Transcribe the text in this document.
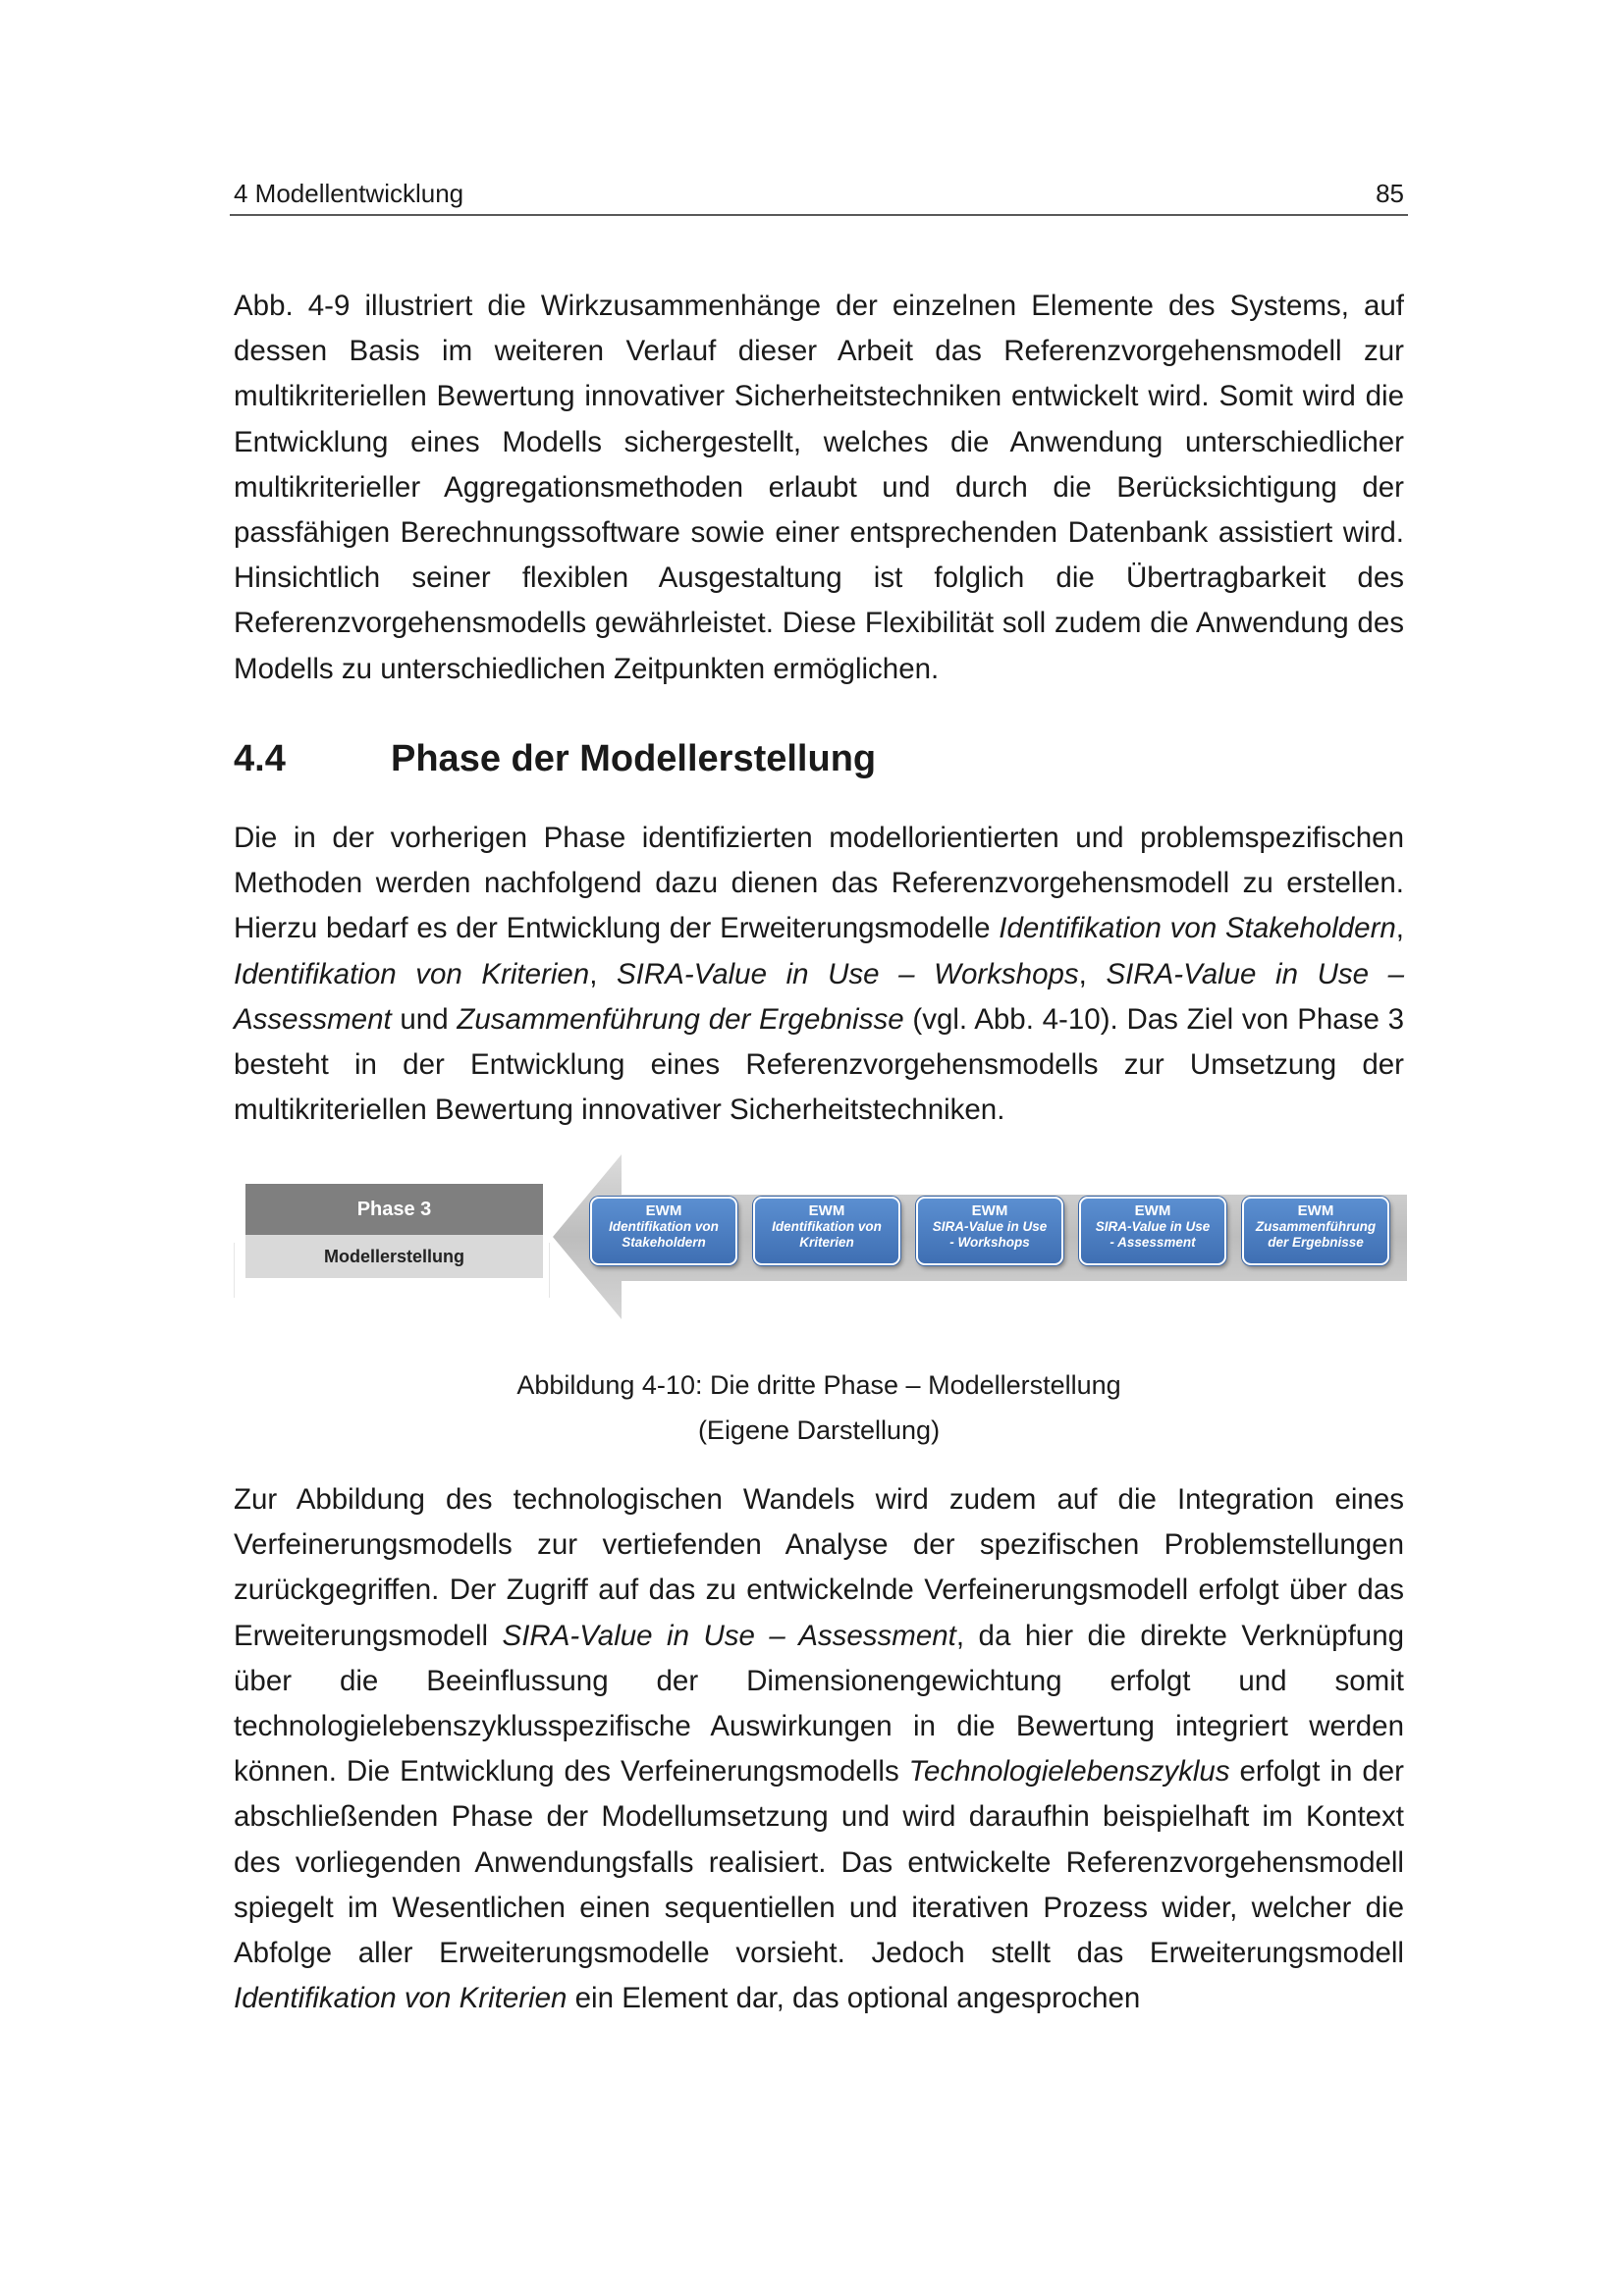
4 Modellentwicklung	85

Abb. 4-9 illustriert die Wirkzusammenhänge der einzelnen Elemente des Systems, auf dessen Basis im weiteren Verlauf dieser Arbeit das Referenzvorgehensmodell zur multikriteriellen Bewertung innovativer Sicherheitstechniken entwickelt wird. Somit wird die Entwicklung eines Modells sichergestellt, welches die Anwendung unterschiedlicher multikriterieller Aggregationsmethoden erlaubt und durch die Berücksichtigung der passfähigen Berechnungssoftware sowie einer entsprechenden Datenbank assistiert wird. Hinsichtlich seiner flexiblen Ausgestaltung ist folglich die Übertragbarkeit des Referenzvorgehensmodells gewährleistet. Diese Flexibilität soll zudem die Anwendung des Modells zu unterschiedlichen Zeitpunkten ermöglichen.

4.4	Phase der Modellerstellung

Die in der vorherigen Phase identifizierten modellorientierten und problemspezifischen Methoden werden nachfolgend dazu dienen das Referenzvorgehensmodell zu erstellen. Hierzu bedarf es der Entwicklung der Erweiterungsmodelle Identifikation von Stakeholdern, Identifikation von Kriterien, SIRA-Value in Use – Workshops, SIRA-Value in Use – Assessment und Zusammenführung der Ergebnisse (vgl. Abb. 4-10). Das Ziel von Phase 3 besteht in der Entwicklung eines Referenzvorgehensmodells zur Umsetzung der multikriteriellen Bewertung innovativer Sicherheitstechniken.

Phase 3
Modellerstellung
EWM
Identifikation von
Stakeholdern
EWM
Identifikation von
Kriterien
EWM
SIRA-Value in Use
- Workshops
EWM
SIRA-Value in Use
- Assessment
EWM
Zusammenführung
der Ergebnisse
Abbildung 4-10: Die dritte Phase – Modellerstellung
(Eigene Darstellung)

Zur Abbildung des technologischen Wandels wird zudem auf die Integration eines Verfeinerungsmodells zur vertiefenden Analyse der spezifischen Problemstellungen zurückgegriffen. Der Zugriff auf das zu entwickelnde Verfeinerungsmodell erfolgt über das Erweiterungsmodell SIRA-Value in Use – Assessment, da hier die direkte Verknüpfung über die Beeinflussung der Dimensionengewichtung erfolgt und somit technologielebenszyklusspezifische Auswirkungen in die Bewertung integriert werden können. Die Entwicklung des Verfeinerungsmodells Technologielebenszyklus erfolgt in der abschließenden Phase der Modellumsetzung und wird daraufhin beispielhaft im Kontext des vorliegenden Anwendungsfalls realisiert. Das entwickelte Referenzvorgehensmodell spiegelt im Wesentlichen einen sequentiellen und iterativen Prozess wider, welcher die Abfolge aller Erweiterungsmodelle vorsieht. Jedoch stellt das Erweiterungsmodell Identifikation von Kriterien ein Element dar, das optional angesprochen
